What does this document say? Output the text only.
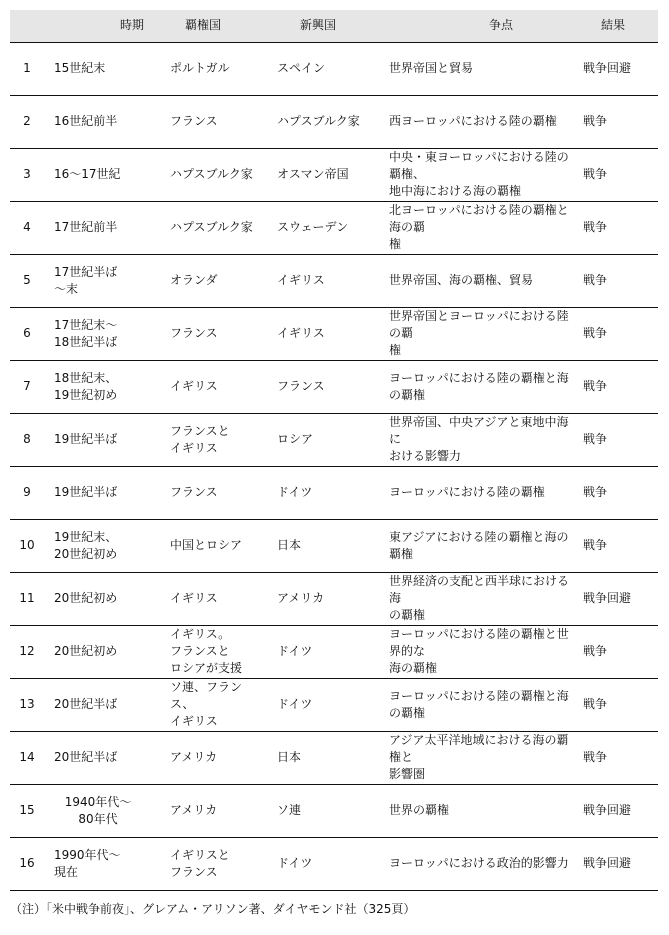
	時期	覇権国	新興国	争点	結果
1	15世紀末	ポルトガル	スペイン	世界帝国と貿易	戦争回避
2	16世紀前半	フランス	ハプスブルク家	西ヨーロッパにおける陸の覇権	戦争
3	16～17世紀	ハプスブルク家	オスマン帝国	中央・東ヨーロッパにおける陸の覇権、
地中海における海の覇権	戦争
4	17世紀前半	ハプスブルク家	スウェーデン	北ヨーロッパにおける陸の覇権と海の覇
権	戦争
5	17世紀半ば
～末	オランダ	イギリス	世界帝国、海の覇権、貿易	戦争
6	17世紀末～
18世紀半ば	フランス	イギリス	世界帝国とヨーロッパにおける陸の覇
権	戦争
7	18世紀末、
19世紀初め	イギリス	フランス	ヨーロッパにおける陸の覇権と海の覇権	戦争
8	19世紀半ば	フランスと
イギリス	ロシア	世界帝国、中央アジアと東地中海に
おける影響力	戦争
9	19世紀半ば	フランス	ドイツ	ヨーロッパにおける陸の覇権	戦争
10	19世紀末、
20世紀初め	中国とロシア	日本	東アジアにおける陸の覇権と海の覇権	戦争
11	20世紀初め	イギリス	アメリカ	世界経済の支配と西半球における海
の覇権	戦争回避
12	20世紀初め	イギリス。
フランスと
ロシアが支援	ドイツ	ヨーロッパにおける陸の覇権と世界的な
海の覇権	戦争
13	20世紀半ば	ソ連、フランス、
イギリス	ドイツ	ヨーロッパにおける陸の覇権と海の覇権	戦争
14	20世紀半ば	アメリカ	日本	アジア太平洋地域における海の覇権と
影響圏	戦争
15	1940年代～
80年代	アメリカ	ソ連	世界の覇権	戦争回避
16	1990年代～
現在	イギリスと
フランス	ドイツ	ヨーロッパにおける政治的影響力	戦争回避
（注）「米中戦争前夜」、グレアム・アリソン著、ダイヤモンド社（325頁）
